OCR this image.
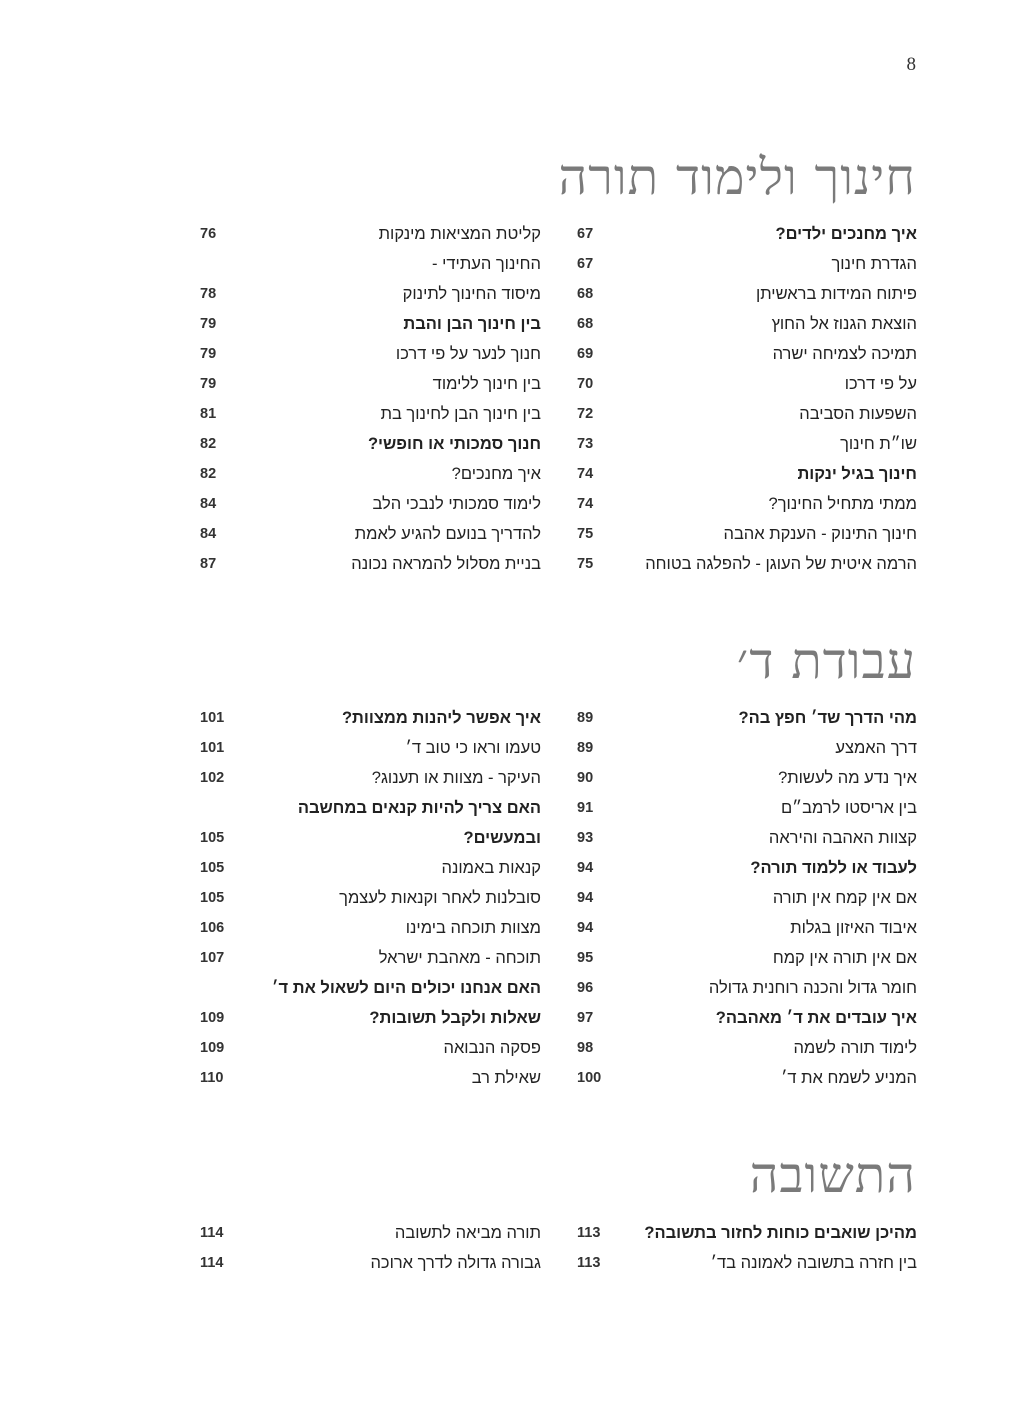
8
חינוך ולימוד תורה
איך מחנכים ילדים?
67
הגדרת חינוך
67
פיתוח המידות בראשיתן
68
הוצאת הגנוז אל החוץ
68
תמיכה לצמיחה ישרה
69
על פי דרכו
70
השפעות הסביבה
72
שו״ת חינוך
73
חינוך בגיל ינקות
74
ממתי מתחיל החינוך?
74
חינוך התינוק - הענקת אהבה
75
הרמה איטית של העוגן - להפלגה בטוחה
75
קליטת המציאות מינקות
76
החינוך העתידי -
מיסוד החינוך לתינוק
78
בין חינוך הבן והבת
79
חנוך לנער על פי דרכו
79
בין חינוך ללימוד
79
בין חינוך הבן לחינוך בת
81
חנוך סמכותי או חופשי?
82
איך מחנכים?
82
לימוד סמכותי לנבכי הלב
84
להדריך בנועם להגיע לאמת
84
בניית מסלול להמראה נכונה
87
עבודת ד׳
מהי הדרך שד׳ חפץ בה?
89
דרך האמצע
89
איך נדע מה לעשות?
90
בין אריסטו לרמב״ם
91
קצוות האהבה והיראה
93
לעבוד או ללמוד תורה?
94
אם אין קמח אין תורה
94
איבוד האיזון בגלות
94
אם אין תורה אין קמח
95
חומר גדול והכנה רוחנית גדולה
96
איך עובדים את ד׳ מאהבה?
97
לימוד תורה לשמה
98
המניע לשמח את ד׳
100
איך אפשר ליהנות ממצוות?
101
טעמו וראו כי טוב ד׳
101
העיקר - מצוות או תענוג?
102
האם צריך להיות קנאים במחשבה
ובמעשים?
105
קנאות באמונה
105
סובלנות לאחר וקנאות לעצמך
105
מצוות תוכחה בימינו
106
תוכחה - מאהבת ישראל
107
האם אנחנו יכולים היום לשאול את ד׳
שאלות ולקבל תשובות?
109
פסקה הנבואה
109
שאילת רב
110
התשובה
מהיכן שואבים כוחות לחזור בתשובה?
113
בין חזרה בתשובה לאמונה בד׳
113
תורה מביאה לתשובה
114
גבורה גדולה לדרך ארוכה
114
